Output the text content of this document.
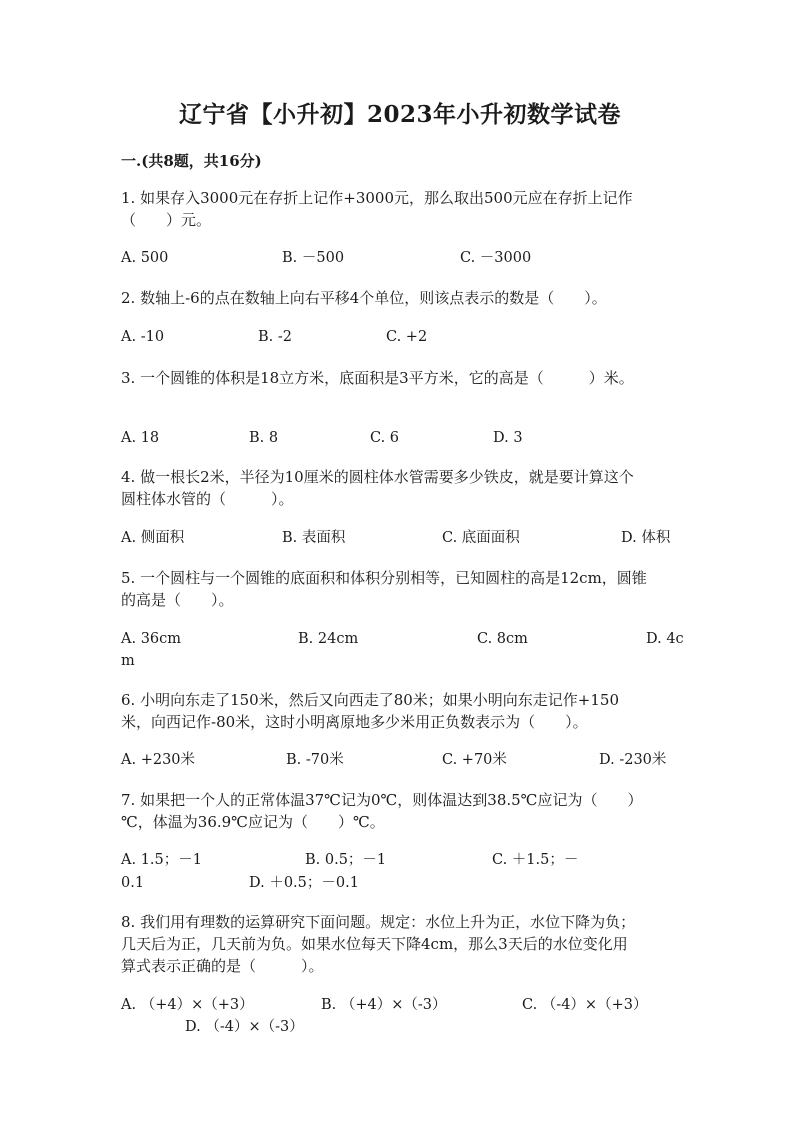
辽宁省【小升初】2023年小升初数学试卷
一.(共8题，共16分)
1. 如果存入3000元在存折上记作+3000元，那么取出500元应在存折上记作
（　　）元。
A. 500	B. －500	C. －3000
2. 数轴上-6的点在数轴上向右平移4个单位，则该点表示的数是（　　）。
A. -10	B. -2	C. +2
3. 一个圆锥的体积是18立方米，底面积是3平方米，它的高是（　　　）米。
A. 18	B. 8	C. 6	D. 3
4. 做一根长2米，半径为10厘米的圆柱体水管需要多少铁皮，就是要计算这个
圆柱体水管的（　　　）。
A. 侧面积	B. 表面积	C. 底面面积	D. 体积
5. 一个圆柱与一个圆锥的底面积和体积分别相等，已知圆柱的高是12cm，圆锥
的高是（　　）。
A. 36cm	B. 24cm	C. 8cm	D. 4c
m
6. 小明向东走了150米，然后又向西走了80米；如果小明向东走记作+150
米，向西记作-80米，这时小明离原地多少米用正负数表示为（　　）。
A. +230米	B. -70米	C. +70米	D. -230米
7. 如果把一个人的正常体温37℃记为0℃，则体温达到38.5℃应记为（　　）
℃，体温为36.9℃应记为（　　）℃。
A. 1.5；－1	B. 0.5；－1	C. ＋1.5；－
0.1	D. ＋0.5；－0.1
8. 我们用有理数的运算研究下面问题。规定：水位上升为正，水位下降为负；
几天后为正，几天前为负。如果水位每天下降4cm，那么3天后的水位变化用
算式表示正确的是（　　　）。
A. （+4）×（+3）	B. （+4）×（-3）	C. （-4）×（+3）
D. （-4）×（-3）
